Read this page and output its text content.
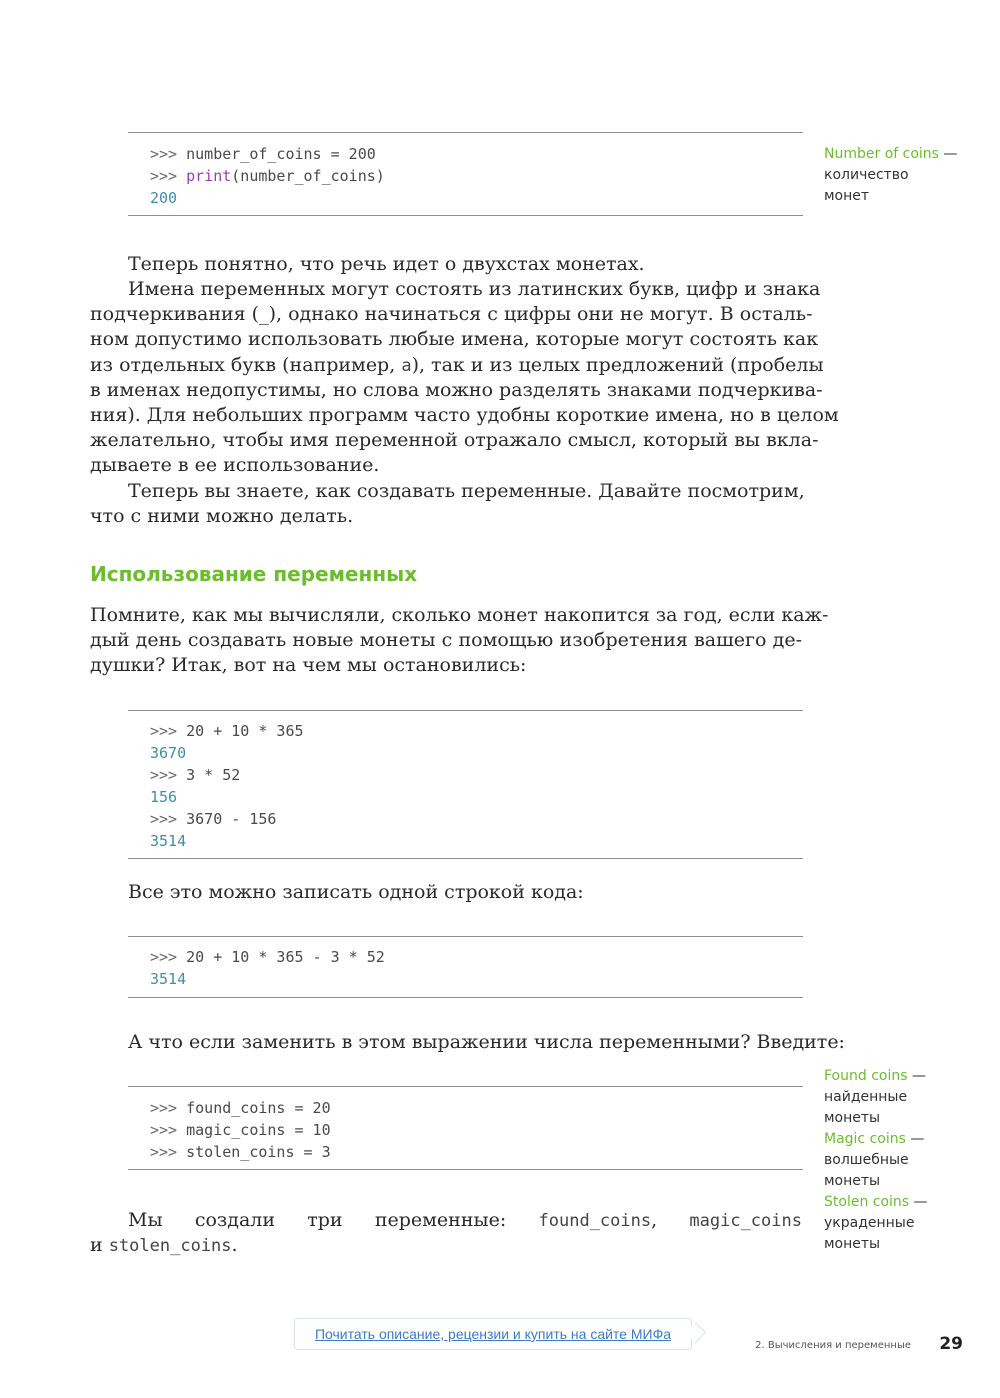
>>> number_of_coins = 200
>>> print(number_of_coins)
200
Number of coins —
количество
монет
Теперь понятно, что речь идет о двухстах монетах.
Имена переменных могут состоять из латинских букв, цифр и знака
подчеркивания (_), однако начинаться с цифры они не могут. В осталь-
ном допустимо использовать любые имена, которые могут состоять как
из отдельных букв (например, a), так и из целых предложений (пробелы
в именах недопустимы, но слова можно разделять знаками подчеркива-
ния). Для небольших программ часто удобны короткие имена, но в целом
желательно, чтобы имя переменной отражало смысл, который вы вкла-
дываете в ее использование.
Теперь вы знаете, как создавать переменные. Давайте посмотрим,
что с ними можно делать.
Использование переменных
Помните, как мы вычисляли, сколько монет накопится за год, если каж-
дый день создавать новые монеты с помощью изобретения вашего де-
душки? Итак, вот на чем мы остановились:
>>> 20 + 10 * 365
3670
>>> 3 * 52
156
>>> 3670 - 156
3514
Все это можно записать одной строкой кода:
>>> 20 + 10 * 365 - 3 * 52
3514
А что если заменить в этом выражении числа переменными? Введите:
>>> found_coins = 20
>>> magic_coins = 10
>>> stolen_coins = 3
Found coins —
найденные
монеты
Magic coins —
волшебные
монеты
Stolen coins —
украденные
монеты
Мы создали три переменные: found_coins, magic_coins
и stolen_coins.
Почитать описание, рецензии и купить на сайте МИФа
2. Вычисления и переменные 29
